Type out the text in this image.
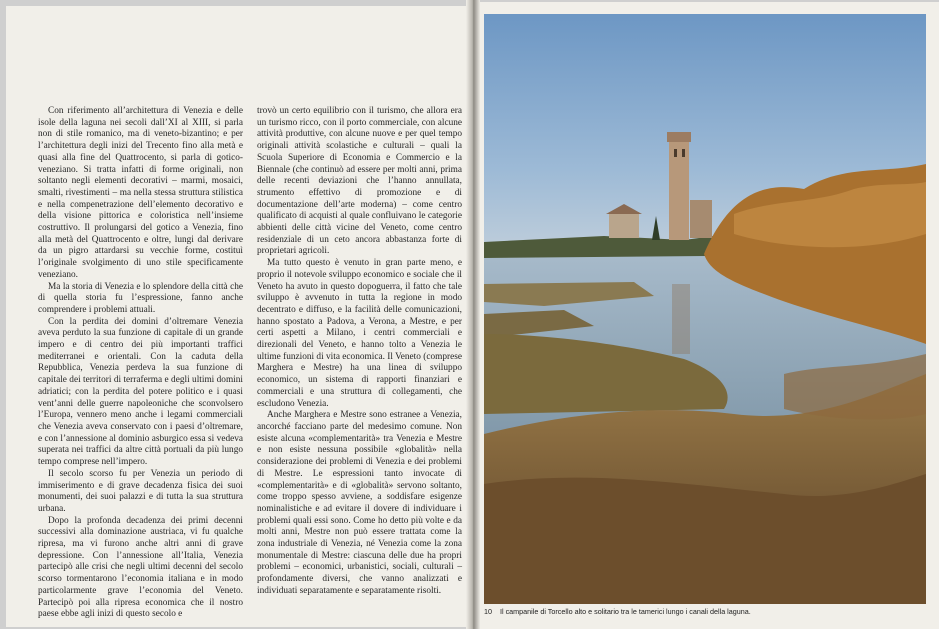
Con riferimento all’architettura di Venezia e delle isole della laguna nei secoli dall’XI al XIII, si parla non di stile romanico, ma di veneto-bizantino; e per l’architettura degli inizi del Trecento fino alla metà e quasi alla fine del Quattrocento, si parla di gotico-veneziano. Si tratta infatti di forme originali, non soltanto negli elementi decorativi – marmi, mosaici, smalti, rivestimenti – ma nella stessa struttura stilistica e nella compenetrazione dell’elemento decorativo e della visione pittorica e coloristica nell’insieme costruttivo. Il prolungarsi del gotico a Venezia, fino alla metà del Quattrocento e oltre, lungi dal derivare da un pigro attardarsi su vecchie forme, costituì l’originale svolgimento di uno stile specificamente veneziano.

Ma la storia di Venezia e lo splendore della città che di quella storia fu l’espressione, fanno anche comprendere i problemi attuali.

Con la perdita dei domini d’oltremare Venezia aveva perduto la sua funzione di capitale di un grande impero e di centro dei più importanti traffici mediterranei e orientali. Con la caduta della Repubblica, Venezia perdeva la sua funzione di capitale dei territori di terraferma e degli ultimi domini adriatici; con la perdita del potere politico e i quasi vent’anni delle guerre napoleoniche che sconvolsero l’Europa, vennero meno anche i legami commerciali che Venezia aveva conservato con i paesi d’oltremare, e con l’annessione al dominio asburgico essa si vedeva superata nei traffici da altre città portuali da più lungo tempo comprese nell’impero.

Il secolo scorso fu per Venezia un periodo di immiserimento e di grave decadenza fisica dei suoi monumenti, dei suoi palazzi e di tutta la sua struttura urbana.

Dopo la profonda decadenza dei primi decenni successivi alla dominazione austriaca, vi fu qualche ripresa, ma vi furono anche altri anni di grave depressione. Con l’annessione all’Italia, Venezia partecipò alle crisi che negli ultimi decenni del secolo scorso tormentarono l’economia italiana e in modo particolarmente grave l’economia del Veneto. Partecipò poi alla ripresa economica che il nostro paese ebbe agli inizi di questo secolo e

trovò un certo equilibrio con il turismo, che allora era un turismo ricco, con il porto commerciale, con alcune attività produttive, con alcune nuove e per quel tempo originali attività scolastiche e culturali – quali la Scuola Superiore di Economia e Commercio e la Biennale (che continuò ad essere per molti anni, prima delle recenti deviazioni che l’hanno annullata, strumento effettivo di promozione e di documentazione dell’arte moderna) – come centro qualificato di acquisti al quale confluivano le categorie abbienti delle città vicine del Veneto, come centro residenziale di un ceto ancora abbastanza forte di proprietari agricoli.

Ma tutto questo è venuto in gran parte meno, e proprio il notevole sviluppo economico e sociale che il Veneto ha avuto in questo dopoguerra, il fatto che tale sviluppo è avvenuto in tutta la regione in modo decentrato e diffuso, e la facilità delle comunicazioni, hanno spostato a Padova, a Verona, a Mestre, e per certi aspetti a Milano, i centri commerciali e direzionali del Veneto, e hanno tolto a Venezia le ultime funzioni di vita economica. Il Veneto (comprese Marghera e Mestre) ha una linea di sviluppo economico, un sistema di rapporti finanziari e commerciali e una struttura di collegamenti, che escludono Venezia.

Anche Marghera e Mestre sono estranee a Venezia, ancorché facciano parte del medesimo comune. Non esiste alcuna «complementarità» tra Venezia e Mestre e non esiste nessuna possibile «globalità» nella considerazione dei problemi di Venezia e dei problemi di Mestre. Le espressioni tanto invocate di «complementarità» e di «globalità» servono soltanto, come troppo spesso avviene, a soddisfare esigenze nominalistiche e ad evitare il dovere di individuare i problemi quali essi sono. Come ho detto più volte e da molti anni, Mestre non può essere trattata come la zona industriale di Venezia, né Venezia come la zona monumentale di Mestre: ciascuna delle due ha propri problemi – economici, urbanistici, sociali, culturali – profondamente diversi, che vanno analizzati e individuati separatamente e separatamente risolti.

10 Il campanile di Torcello alto e solitario tra le tamerici lungo i canali della laguna.
